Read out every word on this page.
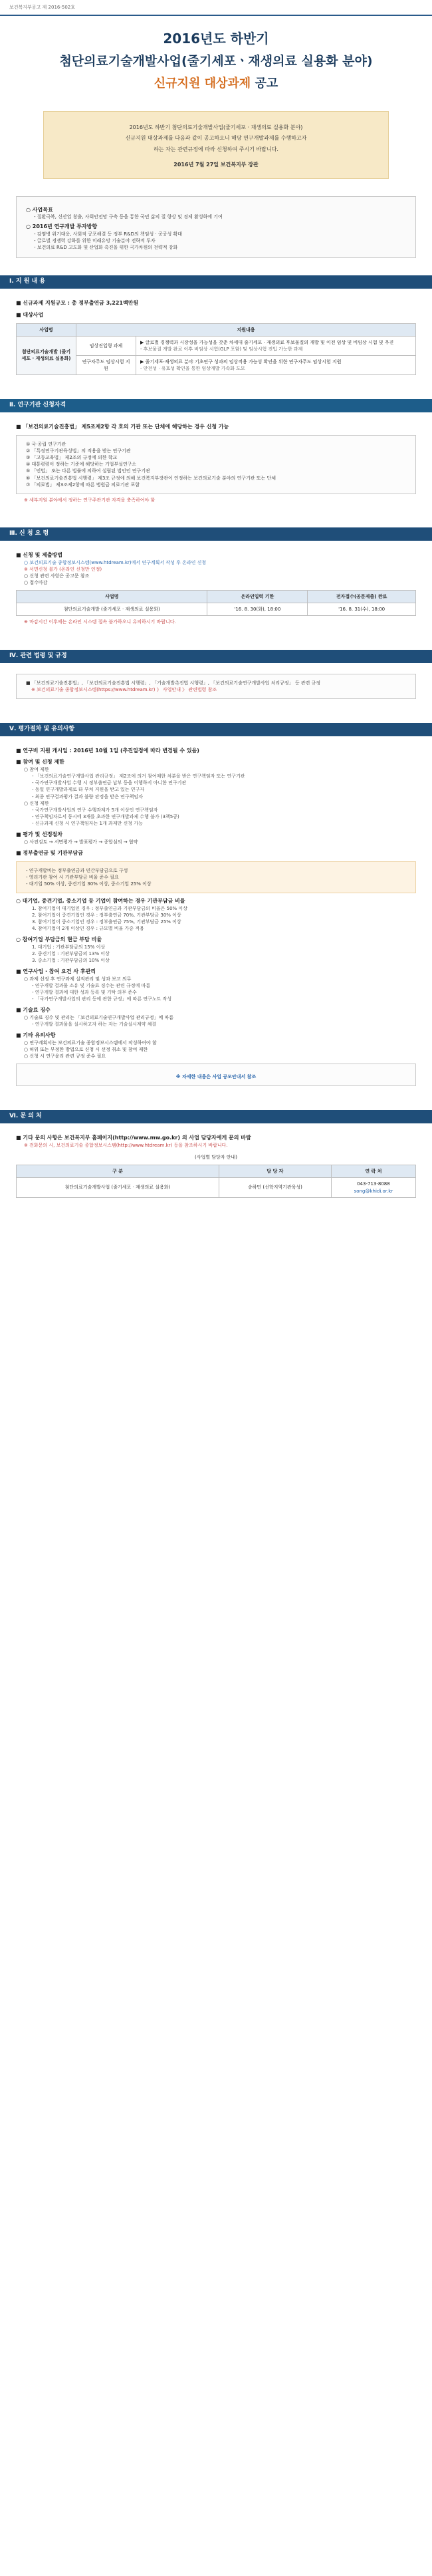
보건복지부공고 제 2016-502호
2016년도 하반기
첨단의료기술개발사업(줄기세포ㆍ재생의료 실용화 분야)
신규지원 대상과제 공고

2016년도 하반기 첨단의료기술개발사업(줄기세포 · 재생의료 실용화 분야)

신규지원 대상과제를 다음과 같이 공고하오니 해당 연구개발과제를 수행하고자

하는 자는 관련규정에 따라 신청하여 주시기 바랍니다.

2016년 7월 27일 보건복지부 장관
○ 사업목표
- 질환극복, 신산업 창출, 사회안전망 구축 등을 통한 국민 삶의 질 향상 및 경제 활성화에 기여
○ 2016년 연구개발 투자방향
- 감염병 위기대응, 사회적 공포해결 등 정부 R&D의 책임성 · 공공성 확대
- 글로벌 경쟁력 강화를 위한 미래유망 기술분야 전략적 투자
- 보건의료 R&D 고도화 및 산업화 촉진을 위한 국가차원의 전략적 강화
Ⅰ. 지 원 내 용
■ 신규과제 지원규모 : 총 정부출연금 3,221백만원
■ 대상사업
사업명	지원내용	
첨단의료기술개발 (줄기세포 · 재생의료 실용화)	임상진입형 과제	▶ 글로벌 경쟁력과 시장성을 가능성을 갖춘 차세대 줄기세포 · 재생의료 후보물질의 개발 및 이전 임상 및 비임상 시험 및 추진
- 후보물질 개발 완료 이후 비임상 시험(GLP 포함) 및 임상시험 진입 가능한 과제

	연구자주도 임상시험 지원	▶ 줄기세포·재생의료 분야 기초연구 성과의 임상적용 가능성 확인을 위한 연구자주도 임상시험 지원
- 안전성 · 유효성 확인을 통한 임상개발 가속화 도모
Ⅱ. 연구기관 신청자격
■ 「보건의료기술진흥법」 제5조제2항 각 호의 기관 또는 단체에 해당하는 경우 신청 가능
① 국·공립 연구기관
② 「특정연구기관육성법」의 적용을 받는 연구기관
③ 「고등교육법」 제2조의 규정에 의한 학교
④ 대통령령이 정하는 기준에 해당하는 기업부설연구소
⑤ 「민법」 또는 다른 법률에 의하여 설립된 법인인 연구기관
⑥ 「보건의료기술진흥법 시행령」 제3조 규정에 의해 보건복지부장관이 인정하는 보건의료기술 분야의 연구기관 또는 단체
⑦ 「의료법」 제3조제2항에 따른 병원급 의료기관 포함
※ 세부지원 분야에서 정하는 연구주관기관 자격을 충족하여야 함
Ⅲ. 신 청 요 령
■ 신청 및 제출방법
○ 보건의료기술 종합정보시스템(www.htdream.kr)에서 연구계획서 작성 후 온라인 신청
※ 서면신청 불가 (온라인 신청만 인정)
○ 신청 관련 사항은 공고문 참조
○ 접수마감
사업명	온라인입력 기한	전자접수(공문제출) 완료
첨단의료기술개발 (줄기세포 · 재생의료 실용화)	'16. 8. 30(화), 18:00	'16. 8. 31(수), 18:00
※ 마감시간 이후에는 온라인 시스템 접속 불가하오니 유의하시기 바랍니다.
Ⅳ. 관련 법령 및 규정
■ 「보건의료기술진흥법」, 「보건의료기술진흥법 시행령」, 「기술개발촉진법 시행령」, 「보건의료기술연구개발사업 처리규정」 등 관련 규정
※ 보건의료기술 종합정보시스템(https://www.htdream.kr) 》 사업안내 》 관련법령 참조
Ⅴ. 평가절차 및 유의사항
■ 연구비 지원 개시일 : 2016년 10월 1일 (추진일정에 따라 변경될 수 있음)
■ 참여 및 신청 제한
○ 참여 제한
- 「보건의료기술연구개발사업 관리규정」 제2조에 의거 참여제한 처분을 받은 연구책임자 또는 연구기관
- 국가연구개발사업 수행 시 정부출연금 납부 등을 이행하지 아니한 연구기관
- 동일 연구개발과제로 타 부처 지원을 받고 있는 연구자
- 최종 연구결과평가 결과 불량 판정을 받은 연구책임자
○ 신청 제한
- 국가연구개발사업의 연구 수행과제가 5개 이상인 연구책임자
- 연구책임자로서 동시에 3개를 초과한 연구개발과제 수행 불가 (3책5공)
- 신규과제 신청 시 연구책임자는 1개 과제만 신청 가능
■ 평가 및 선정절차
○ 사전검토 → 서면평가 → 발표평가 → 종합심의 → 협약
■ 정부출연금 및 기관부담금
- 연구개발비는 정부출연금과 민간부담금으로 구성
- 영리기관 참여 시 기관부담금 비율 준수 필요
- 대기업 50% 이상, 중견기업 30% 이상, 중소기업 25% 이상
○ 대기업, 중견기업, 중소기업 등 기업이 참여하는 경우 기관부담금 비율
1. 참여기업이 대기업인 경우 : 정부출연금과 기관부담금의 비율은 50% 이상
2. 참여기업이 중견기업인 경우 : 정부출연금 70%, 기관부담금 30% 이상
3. 참여기업이 중소기업인 경우 : 정부출연금 75%, 기관부담금 25% 이상
4. 참여기업이 2개 이상인 경우 : 규모별 비율 가중 적용
○ 참여기업 부담금의 현금 부담 비율
1. 대기업 : 기관부담금의 15% 이상
2. 중견기업 : 기관부담금의 13% 이상
3. 중소기업 : 기관부담금의 10% 이상
■ 연구사업 · 참여 요건 사 후관리
○ 과제 선정 후 연구과제 실적관리 및 성과 보고 의무
- 연구개발 결과물 소유 및 기술료 징수는 관련 규정에 따름
- 연구개발 결과에 대한 성과 등록 및 기탁 의무 준수
- 「국가연구개발사업의 관리 등에 관한 규정」에 따른 연구노트 작성
■ 기술료 징수
○ 기술료 징수 및 관리는 「보건의료기술연구개발사업 관리규정」에 따름
- 연구개발 결과물을 실시하고자 하는 자는 기술실시계약 체결
■ 기타 유의사항
○ 연구계획서는 보건의료기술 종합정보시스템에서 작성하여야 함
○ 허위 또는 부정한 방법으로 신청 시 선정 취소 및 참여 제한
○ 신청 시 연구윤리 관련 규정 준수 필요
※ 자세한 내용은 사업 공모안내서 참조
Ⅵ. 문 의 처
■ 기타 문의 사항은 보건복지부 홈페이지(http://www.mw.go.kr) 의 사업 담당자에게 문의 바람
※ 전화문의 시, 보건의료기술 종합정보시스템(http://www.htdream.kr) 등을 참조하시기 바랍니다.
(사업별 담당자 안내)
구 분	담 당 자	연 락 처
첨단의료기술개발사업 (줄기세포 · 재생의료 실용화)	송하민 (선학지역기관육성)	043-713-8088
song@khidi.or.kr
